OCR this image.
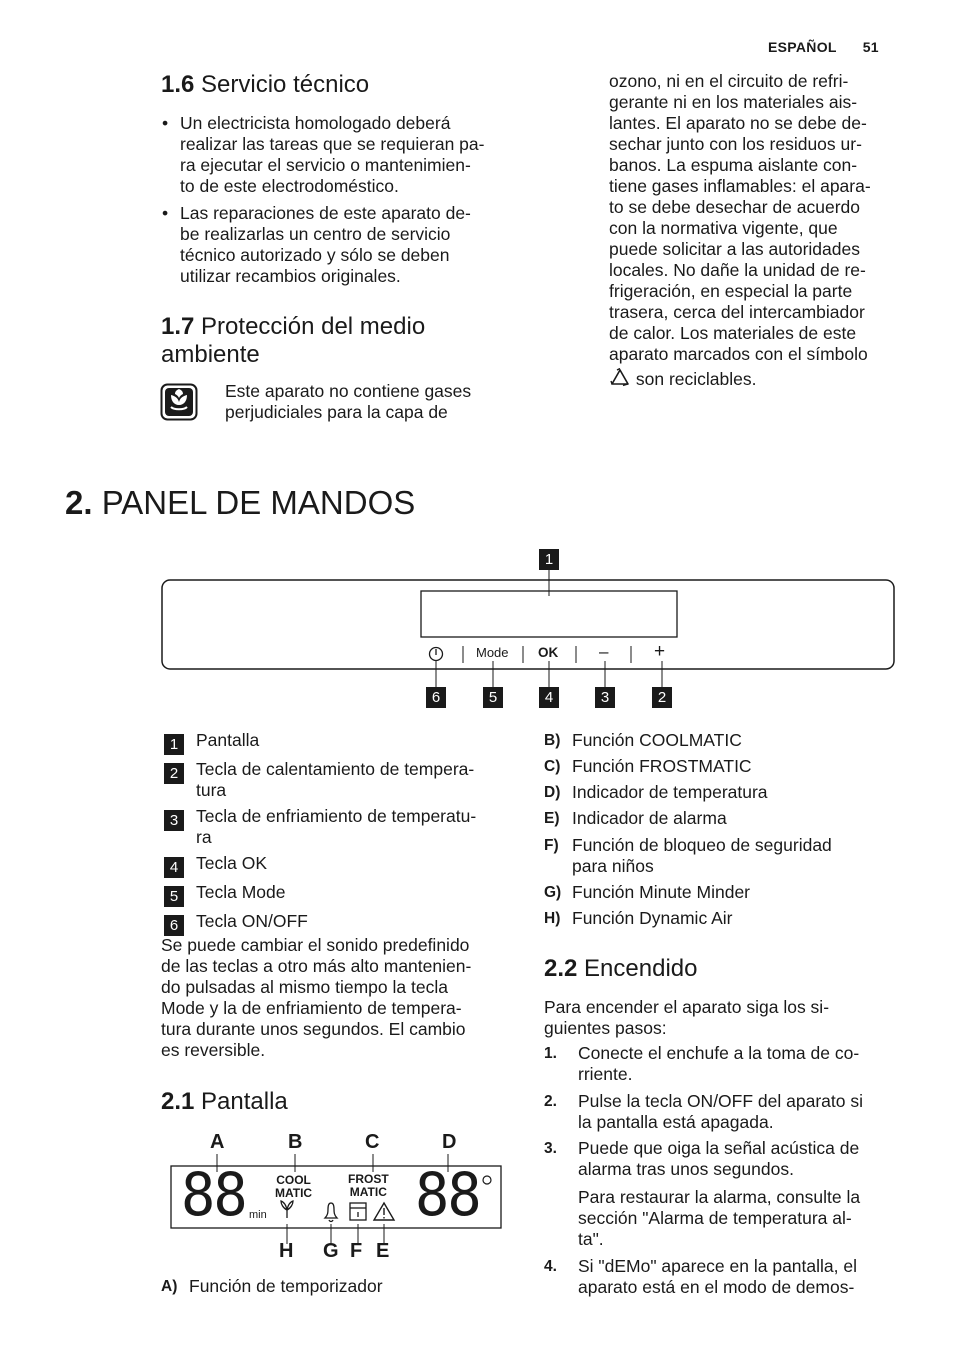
ESPAÑOL 51
1.6 Servicio técnico
• Un electricista homologado deberá
realizar las tareas que se requieran pa-
ra ejecutar el servicio o mantenimien-
to de este electrodoméstico.
• Las reparaciones de este aparato de-
be realizarlas un centro de servicio
técnico autorizado y sólo se deben
utilizar recambios originales.
1.7 Protección del medio
ambiente
Este aparato no contiene gases
perjudiciales para la capa de
ozono, ni en el circuito de refri-
gerante ni en los materiales ais-
lantes. El aparato no se debe de-
sechar junto con los residuos ur-
banos. La espuma aislante con-
tiene gases inflamables: el apara-
to se debe desechar de acuerdo
con la normativa vigente, que
puede solicitar a las autoridades
locales. No dañe la unidad de re-
frigeración, en especial la parte
trasera, cerca del intercambiador
de calor. Los materiales de este
aparato marcados con el símbolo
son reciclables.
2. PANEL DE MANDOS
Mode OK – +
1
6	5	4	3	2
1	Pantalla
2	Tecla de calentamiento de tempera-
tura
3	Tecla de enfriamiento de temperatu-
ra
4	Tecla OK
5	Tecla Mode
6	Tecla ON/OFF
Se puede cambiar el sonido predefinido
de las teclas a otro más alto mantenien-
do pulsadas al mismo tiempo la tecla
Mode y la de enfriamiento de tempera-
tura durante unos segundos. El cambio
es reversible.
2.1 Pantalla
A	B	C	D
H G F E
88 min
COOL
MATIC
FROST
MATIC 88
A) Función de temporizador
B) Función COOLMATIC
C) Función FROSTMATIC
D) Indicador de temperatura
E) Indicador de alarma
F) Función de bloqueo de seguridad
para niños
G) Función Minute Minder
H) Función Dynamic Air
2.2 Encendido
Para encender el aparato siga los si-
guientes pasos:
1. Conecte el enchufe a la toma de co-
rriente.
2. Pulse la tecla ON/OFF del aparato si
la pantalla está apagada.
3. Puede que oiga la señal acústica de
alarma tras unos segundos.
Para restaurar la alarma, consulte la
sección "Alarma de temperatura al-
ta".
4. Si "dEMo" aparece en la pantalla, el
aparato está en el modo de demos-
